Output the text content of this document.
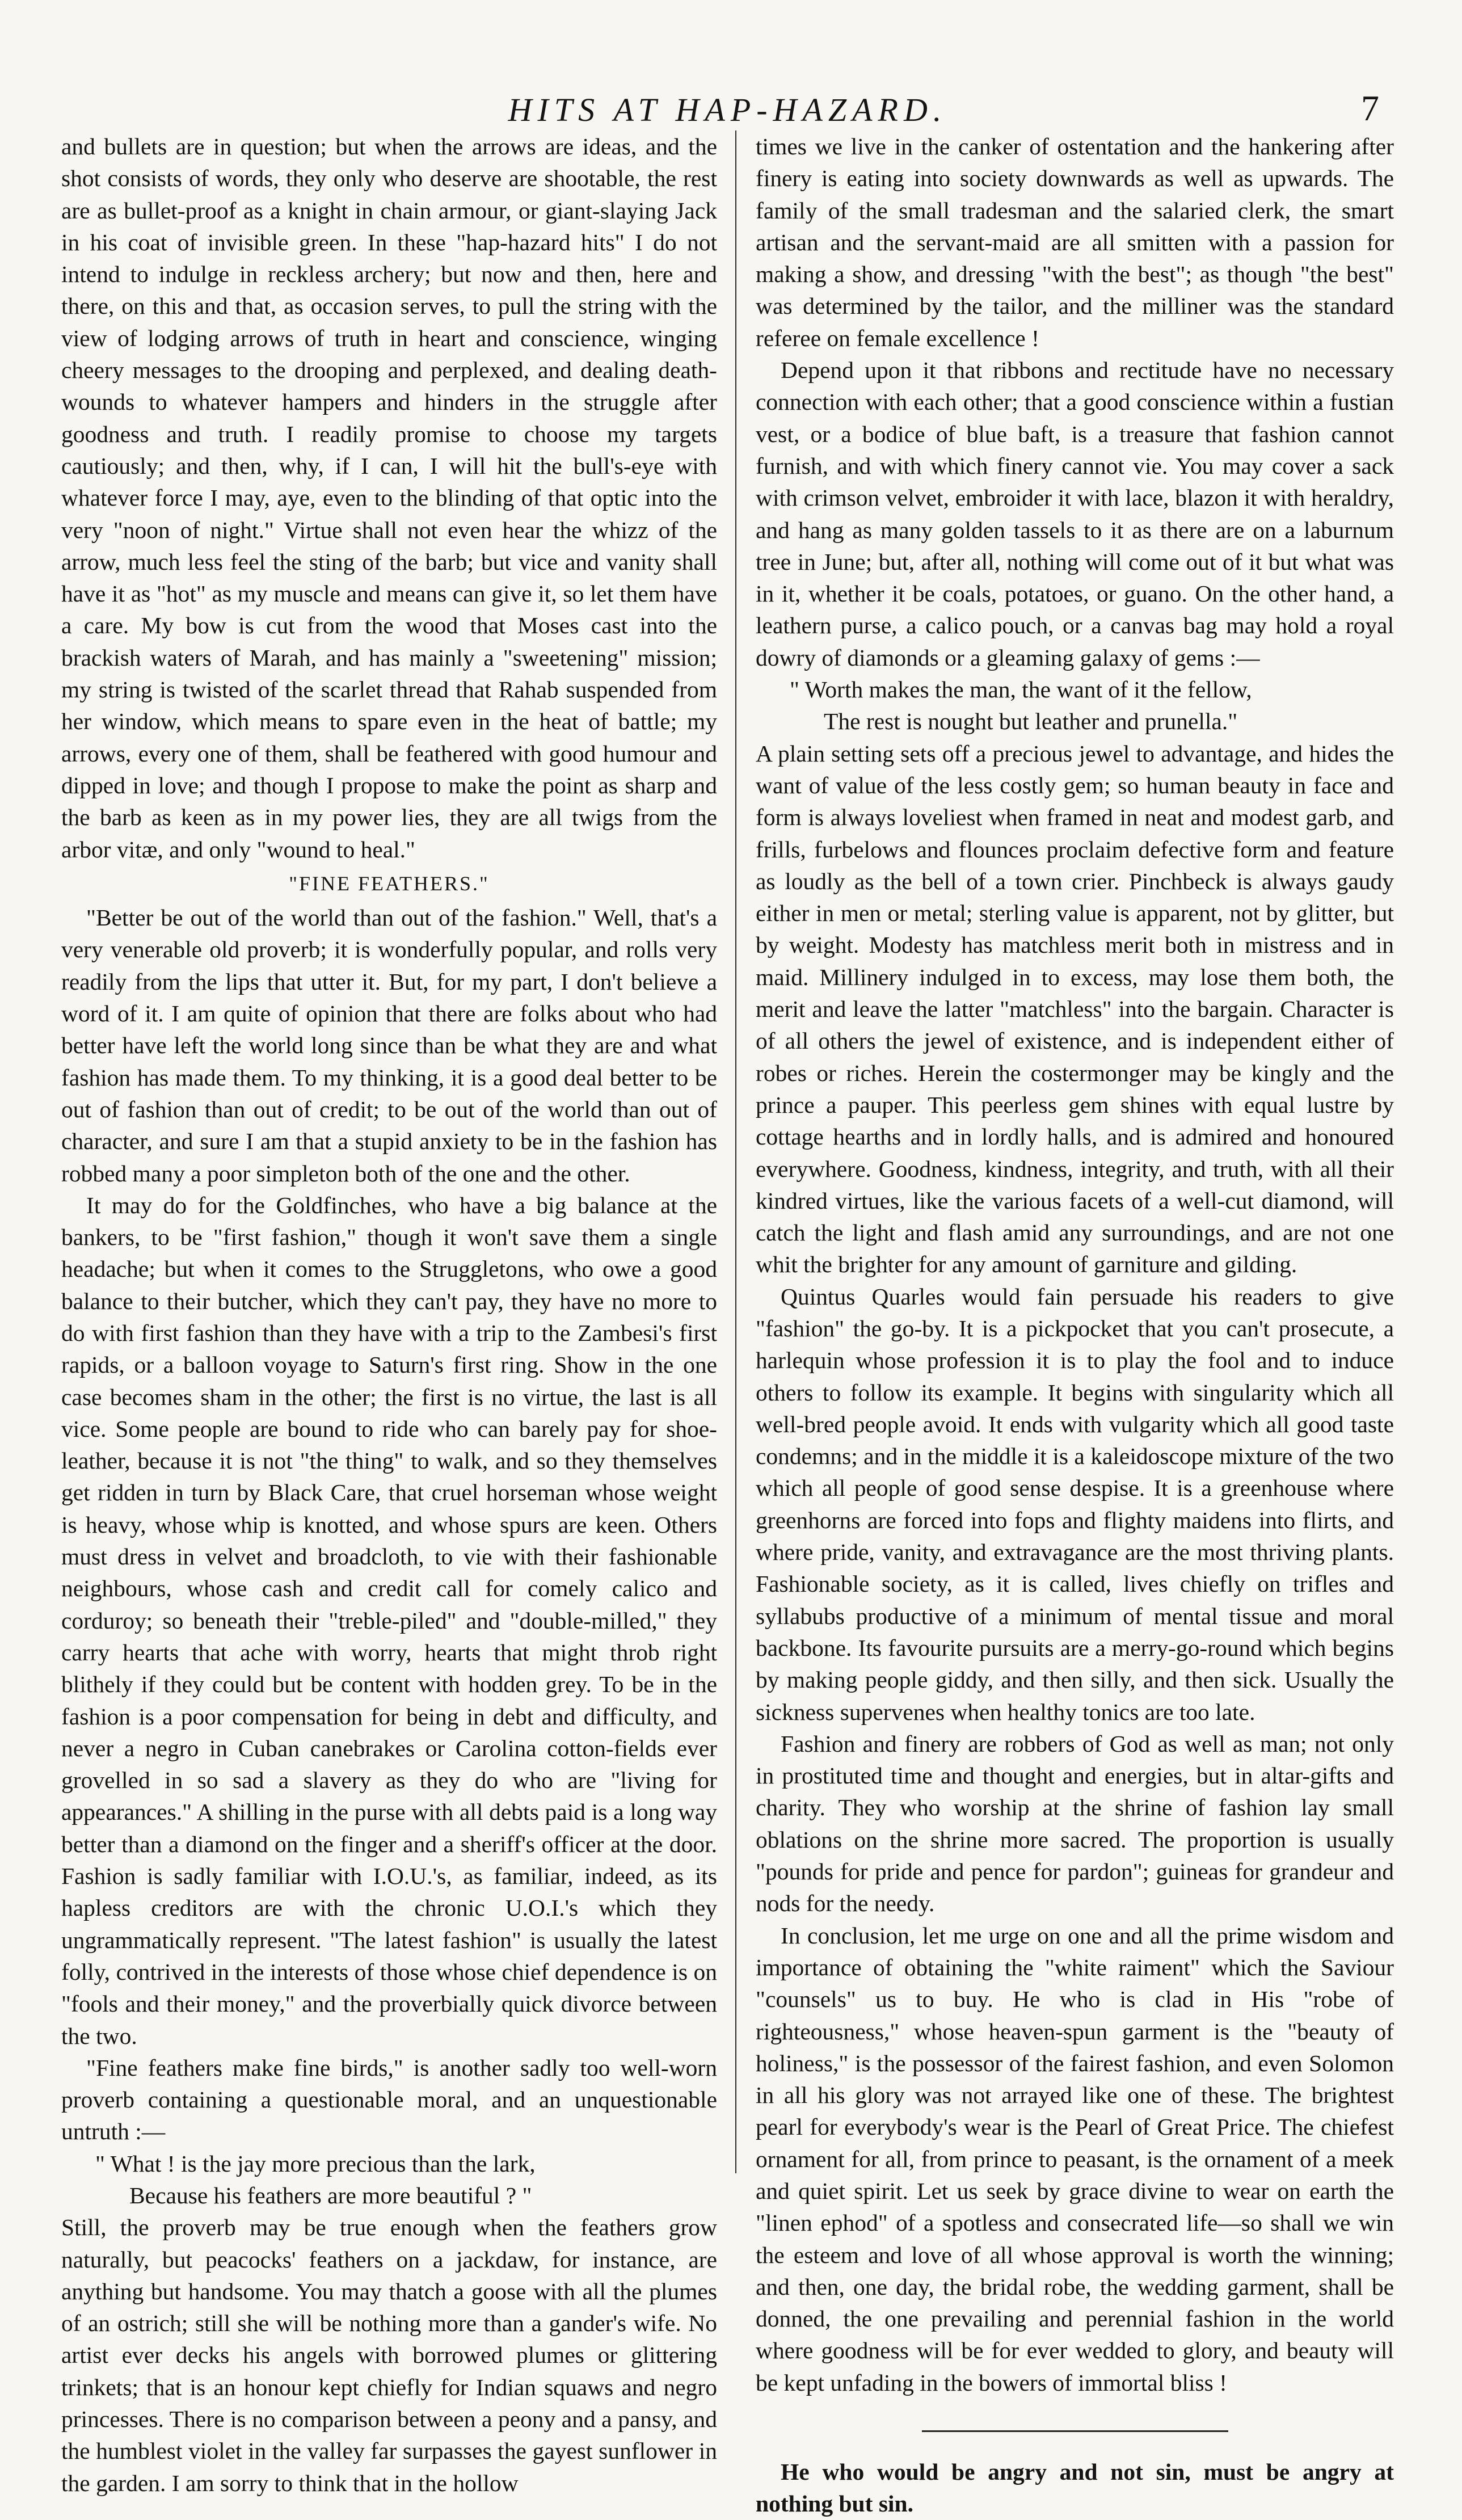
HITS AT HAP-HAZARD.	7

and bullets are in question; but when the arrows are ideas, and the shot consists of words, they only who deserve are shootable, the rest are as bullet-proof as a knight in chain armour, or giant-slaying Jack in his coat of invisible green. In these "hap-hazard hits" I do not intend to indulge in reckless archery; but now and then, here and there, on this and that, as occasion serves, to pull the string with the view of lodging arrows of truth in heart and conscience, winging cheery messages to the drooping and perplexed, and dealing death-wounds to whatever hampers and hinders in the struggle after goodness and truth. I readily promise to choose my targets cautiously; and then, why, if I can, I will hit the bull's-eye with whatever force I may, aye, even to the blinding of that optic into the very "noon of night." Virtue shall not even hear the whizz of the arrow, much less feel the sting of the barb; but vice and vanity shall have it as "hot" as my muscle and means can give it, so let them have a care. My bow is cut from the wood that Moses cast into the brackish waters of Marah, and has mainly a "sweetening" mission; my string is twisted of the scarlet thread that Rahab suspended from her window, which means to spare even in the heat of battle; my arrows, every one of them, shall be feathered with good humour and dipped in love; and though I propose to make the point as sharp and the barb as keen as in my power lies, they are all twigs from the arbor vitæ, and only "wound to heal."

"FINE FEATHERS."

"Better be out of the world than out of the fashion." Well, that's a very venerable old proverb; it is wonderfully popular, and rolls very readily from the lips that utter it. But, for my part, I don't believe a word of it. I am quite of opinion that there are folks about who had better have left the world long since than be what they are and what fashion has made them. To my thinking, it is a good deal better to be out of fashion than out of credit; to be out of the world than out of character, and sure I am that a stupid anxiety to be in the fashion has robbed many a poor simpleton both of the one and the other.

It may do for the Goldfinches, who have a big balance at the bankers, to be "first fashion," though it won't save them a single headache; but when it comes to the Struggletons, who owe a good balance to their butcher, which they can't pay, they have no more to do with first fashion than they have with a trip to the Zambesi's first rapids, or a balloon voyage to Saturn's first ring. Show in the one case becomes sham in the other; the first is no virtue, the last is all vice. Some people are bound to ride who can barely pay for shoe-leather, because it is not "the thing" to walk, and so they themselves get ridden in turn by Black Care, that cruel horseman whose weight is heavy, whose whip is knotted, and whose spurs are keen. Others must dress in velvet and broadcloth, to vie with their fashionable neighbours, whose cash and credit call for comely calico and corduroy; so beneath their "treble-piled" and "double-milled," they carry hearts that ache with worry, hearts that might throb right blithely if they could but be content with hodden grey. To be in the fashion is a poor compensation for being in debt and difficulty, and never a negro in Cuban canebrakes or Carolina cotton-fields ever grovelled in so sad a slavery as they do who are "living for appearances." A shilling in the purse with all debts paid is a long way better than a diamond on the finger and a sheriff's officer at the door. Fashion is sadly familiar with I.O.U.'s, as familiar, indeed, as its hapless creditors are with the chronic U.O.I.'s which they ungrammatically represent. "The latest fashion" is usually the latest folly, contrived in the interests of those whose chief dependence is on "fools and their money," and the proverbially quick divorce between the two.

"Fine feathers make fine birds," is another sadly too well-worn proverb containing a questionable moral, and an unquestionable untruth :—

" What ! is the jay more precious than the lark,
Because his feathers are more beautiful ? "

Still, the proverb may be true enough when the feathers grow naturally, but peacocks' feathers on a jackdaw, for instance, are anything but handsome. You may thatch a goose with all the plumes of an ostrich; still she will be nothing more than a gander's wife. No artist ever decks his angels with borrowed plumes or glittering trinkets; that is an honour kept chiefly for Indian squaws and negro princesses. There is no comparison between a peony and a pansy, and the humblest violet in the valley far surpasses the gayest sunflower in the garden. I am sorry to think that in the hollow

times we live in the canker of ostentation and the hankering after finery is eating into society downwards as well as upwards. The family of the small tradesman and the salaried clerk, the smart artisan and the servant-maid are all smitten with a passion for making a show, and dressing "with the best"; as though "the best" was determined by the tailor, and the milliner was the standard referee on female excellence !

Depend upon it that ribbons and rectitude have no necessary connection with each other; that a good conscience within a fustian vest, or a bodice of blue baft, is a treasure that fashion cannot furnish, and with which finery cannot vie. You may cover a sack with crimson velvet, embroider it with lace, blazon it with heraldry, and hang as many golden tassels to it as there are on a laburnum tree in June; but, after all, nothing will come out of it but what was in it, whether it be coals, potatoes, or guano. On the other hand, a leathern purse, a calico pouch, or a canvas bag may hold a royal dowry of diamonds or a gleaming galaxy of gems :—

" Worth makes the man, the want of it the fellow,
The rest is nought but leather and prunella."

A plain setting sets off a precious jewel to advantage, and hides the want of value of the less costly gem; so human beauty in face and form is always loveliest when framed in neat and modest garb, and frills, furbelows and flounces proclaim defective form and feature as loudly as the bell of a town crier. Pinchbeck is always gaudy either in men or metal; sterling value is apparent, not by glitter, but by weight. Modesty has matchless merit both in mistress and in maid. Millinery indulged in to excess, may lose them both, the merit and leave the latter "matchless" into the bargain. Character is of all others the jewel of existence, and is independent either of robes or riches. Herein the costermonger may be kingly and the prince a pauper. This peerless gem shines with equal lustre by cottage hearths and in lordly halls, and is admired and honoured everywhere. Goodness, kindness, integrity, and truth, with all their kindred virtues, like the various facets of a well-cut diamond, will catch the light and flash amid any surroundings, and are not one whit the brighter for any amount of garniture and gilding.

Quintus Quarles would fain persuade his readers to give "fashion" the go-by. It is a pickpocket that you can't prosecute, a harlequin whose profession it is to play the fool and to induce others to follow its example. It begins with singularity which all well-bred people avoid. It ends with vulgarity which all good taste condemns; and in the middle it is a kaleidoscope mixture of the two which all people of good sense despise. It is a greenhouse where greenhorns are forced into fops and flighty maidens into flirts, and where pride, vanity, and extravagance are the most thriving plants. Fashionable society, as it is called, lives chiefly on trifles and syllabubs productive of a minimum of mental tissue and moral backbone. Its favourite pursuits are a merry-go-round which begins by making people giddy, and then silly, and then sick. Usually the sickness supervenes when healthy tonics are too late.

Fashion and finery are robbers of God as well as man; not only in prostituted time and thought and energies, but in altar-gifts and charity. They who worship at the shrine of fashion lay small oblations on the shrine more sacred. The proportion is usually "pounds for pride and pence for pardon"; guineas for grandeur and nods for the needy.

In conclusion, let me urge on one and all the prime wisdom and importance of obtaining the "white raiment" which the Saviour "counsels" us to buy. He who is clad in His "robe of righteousness," whose heaven-spun garment is the "beauty of holiness," is the possessor of the fairest fashion, and even Solomon in all his glory was not arrayed like one of these. The brightest pearl for everybody's wear is the Pearl of Great Price. The chiefest ornament for all, from prince to peasant, is the ornament of a meek and quiet spirit. Let us seek by grace divine to wear on earth the "linen ephod" of a spotless and consecrated life—so shall we win the esteem and love of all whose approval is worth the winning; and then, one day, the bridal robe, the wedding garment, shall be donned, the one prevailing and perennial fashion in the world where goodness will be for ever wedded to glory, and beauty will be kept unfading in the bowers of immortal bliss !

He who would be angry and not sin, must be angry at nothing but sin.
